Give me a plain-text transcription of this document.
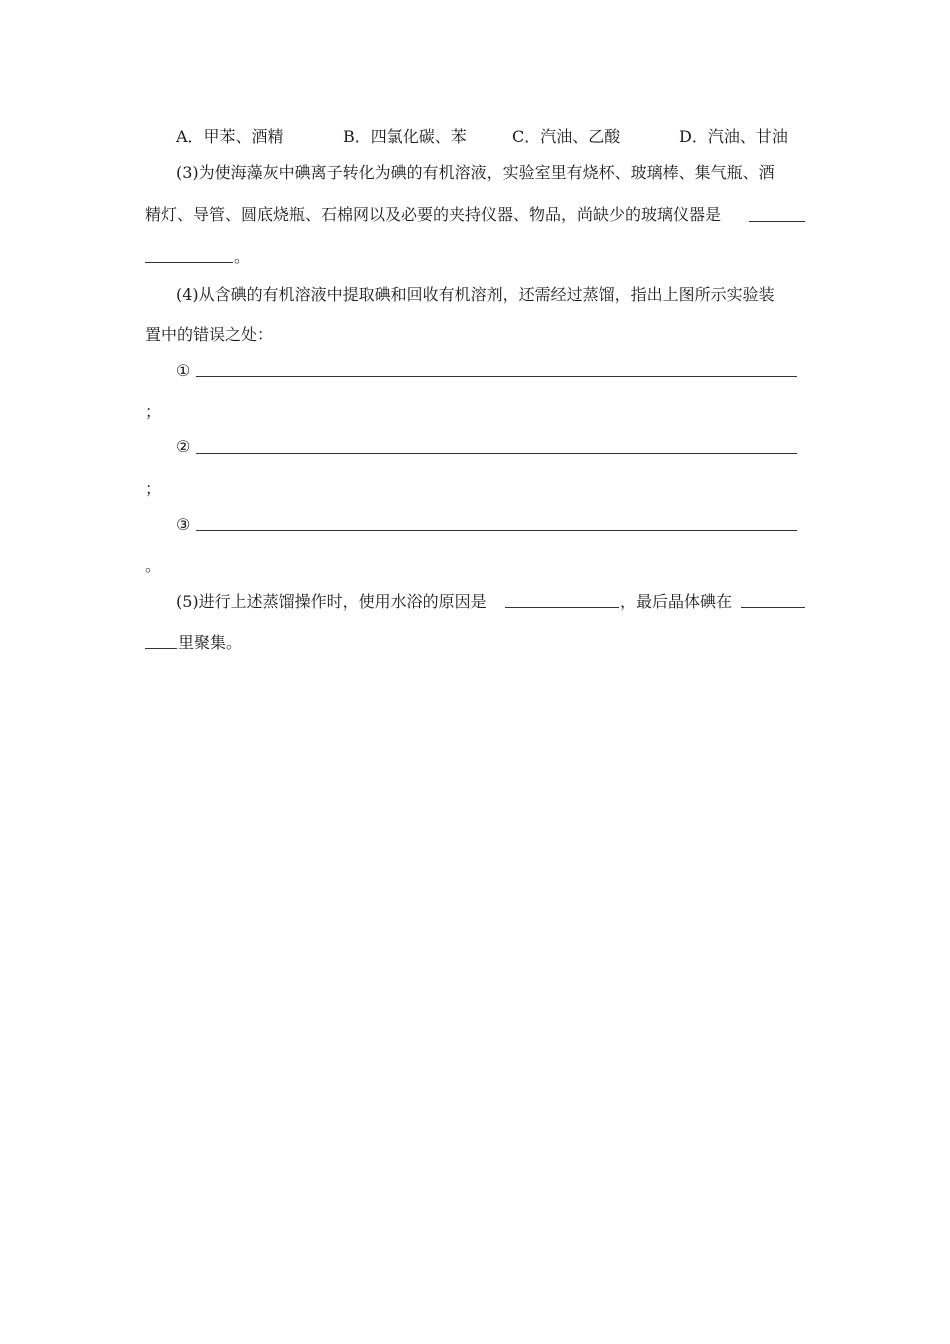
A．甲苯、酒精	B．四氯化碳、苯	C．汽油、乙酸	D．汽油、甘油
(3)为使海藻灰中碘离子转化为碘的有机溶液，实验室里有烧杯、玻璃棒、集气瓶、酒
精灯、导管、圆底烧瓶、石棉网以及必要的夹持仪器、物品，尚缺少的玻璃仪器是
。
(4)从含碘的有机溶液中提取碘和回收有机溶剂，还需经过蒸馏，指出上图所示实验装
置中的错误之处：
①
；
②
；
③
。
(5)进行上述蒸馏操作时，使用水浴的原因是	，最后晶体碘在
里聚集。
